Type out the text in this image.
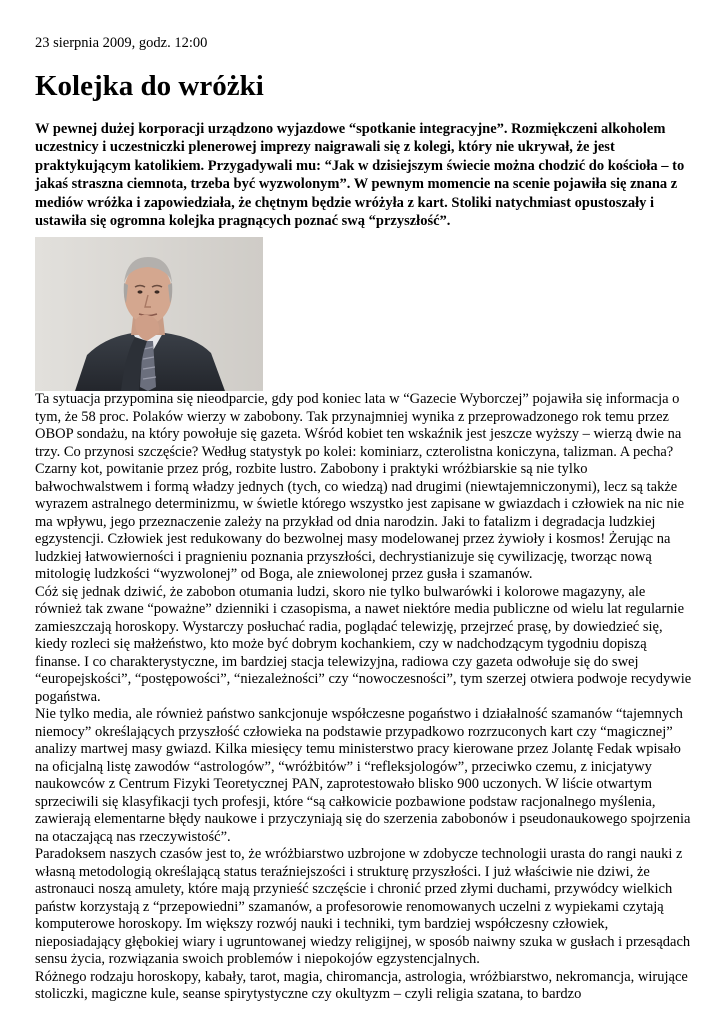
23 sierpnia 2009, godz. 12:00
Kolejka do wróżki

W pewnej dużej korporacji urządzono wyjazdowe “spotkanie integracyjne”. Rozmiękczeni alkoholem uczestnicy i uczestniczki plenerowej imprezy naigrawali się z kolegi, który nie ukrywał, że jest praktykującym katolikiem. Przygadywali mu: “Jak w dzisiejszym świecie można chodzić do kościoła – to jakaś straszna ciemnota, trzeba być wyzwolonym”. W pewnym momencie na scenie pojawiła się znana z mediów wróżka i zapowiedziała, że chętnym będzie wróżyła z kart. Stoliki natychmiast opustoszały i ustawiła się ogromna kolejka pragnących poznać swą “przyszłość”.

Ta sytuacja przypomina się nieodparcie, gdy pod koniec lata w “Gazecie Wyborczej” pojawiła się informacja o tym, że 58 proc. Polaków wierzy w zabobony. Tak przynajmniej wynika z przeprowadzonego rok temu przez OBOP sondażu, na który powołuje się gazeta. Wśród kobiet ten wskaźnik jest jeszcze wyższy – wierzą dwie na trzy. Co przynosi szczęście? Według statystyk po kolei: kominiarz, czterolistna koniczyna, talizman. A pecha? Czarny kot, powitanie przez próg, rozbite lustro. Zabobony i praktyki wróżbiarskie są nie tylko bałwochwalstwem i formą władzy jednych (tych, co wiedzą) nad drugimi (niewtajemniczonymi), lecz są także wyrazem astralnego determinizmu, w świetle którego wszystko jest zapisane w gwiazdach i człowiek na nic nie ma wpływu, jego przeznaczenie zależy na przykład od dnia narodzin. Jaki to fatalizm i degradacja ludzkiej egzystencji. Człowiek jest redukowany do bezwolnej masy modelowanej przez żywioły i kosmos! Żerując na ludzkiej łatwowierności i pragnieniu poznania przyszłości, dechrystianizuje się cywilizację, tworząc nową mitologię ludzkości “wyzwolonej” od Boga, ale zniewolonej przez gusła i szamanów.

Cóż się jednak dziwić, że zabobon otumania ludzi, skoro nie tylko bulwarówki i kolorowe magazyny, ale również tak zwane “poważne” dzienniki i czasopisma, a nawet niektóre media publiczne od wielu lat regularnie zamieszczają horoskopy. Wystarczy posłuchać radia, poglądać telewizję, przejrzeć prasę, by dowiedzieć się, kiedy rozleci się małżeństwo, kto może być dobrym kochankiem, czy w nadchodzącym tygodniu dopiszą finanse. I co charakterystyczne, im bardziej stacja telewizyjna, radiowa czy gazeta odwołuje się do swej “europejskości”, “postępowości”, “niezależności” czy “nowoczesności”, tym szerzej otwiera podwoje recydywie pogaństwa.

Nie tylko media, ale również państwo sankcjonuje współczesne pogaństwo i działalność szamanów “tajemnych niemocy” określających przyszłość człowieka na podstawie przypadkowo rozrzuconych kart czy “magicznej” analizy martwej masy gwiazd. Kilka miesięcy temu ministerstwo pracy kierowane przez Jolantę Fedak wpisało na oficjalną listę zawodów “astrologów”, “wróżbitów” i “refleksjologów”, przeciwko czemu, z inicjatywy naukowców z Centrum Fizyki Teoretycznej PAN, zaprotestowało blisko 900 uczonych. W liście otwartym sprzeciwili się klasyfikacji tych profesji, które “są całkowicie pozbawione podstaw racjonalnego myślenia, zawierają elementarne błędy naukowe i przyczyniają się do szerzenia zabobonów i pseudonaukowego spojrzenia na otaczającą nas rzeczywistość”.

Paradoksem naszych czasów jest to, że wróżbiarstwo uzbrojone w zdobycze technologii urasta do rangi nauki z własną metodologią określającą status teraźniejszości i strukturę przyszłości. I już właściwie nie dziwi, że astronauci noszą amulety, które mają przynieść szczęście i chronić przed złymi duchami, przywódcy wielkich państw korzystają z “przepowiedni” szamanów, a profesorowie renomowanych uczelni z wypiekami czytają komputerowe horoskopy. Im większy rozwój nauki i techniki, tym bardziej współczesny człowiek, nieposiadający głębokiej wiary i ugruntowanej wiedzy religijnej, w sposób naiwny szuka w gusłach i przesądach sensu życia, rozwiązania swoich problemów i niepokojów egzystencjalnych.

Różnego rodzaju horoskopy, kabały, tarot, magia, chiromancja, astrologia, wróżbiarstwo, nekromancja, wirujące stoliczki, magiczne kule, seanse spirytystyczne czy okultyzm – czyli religia szatana, to bardzo
